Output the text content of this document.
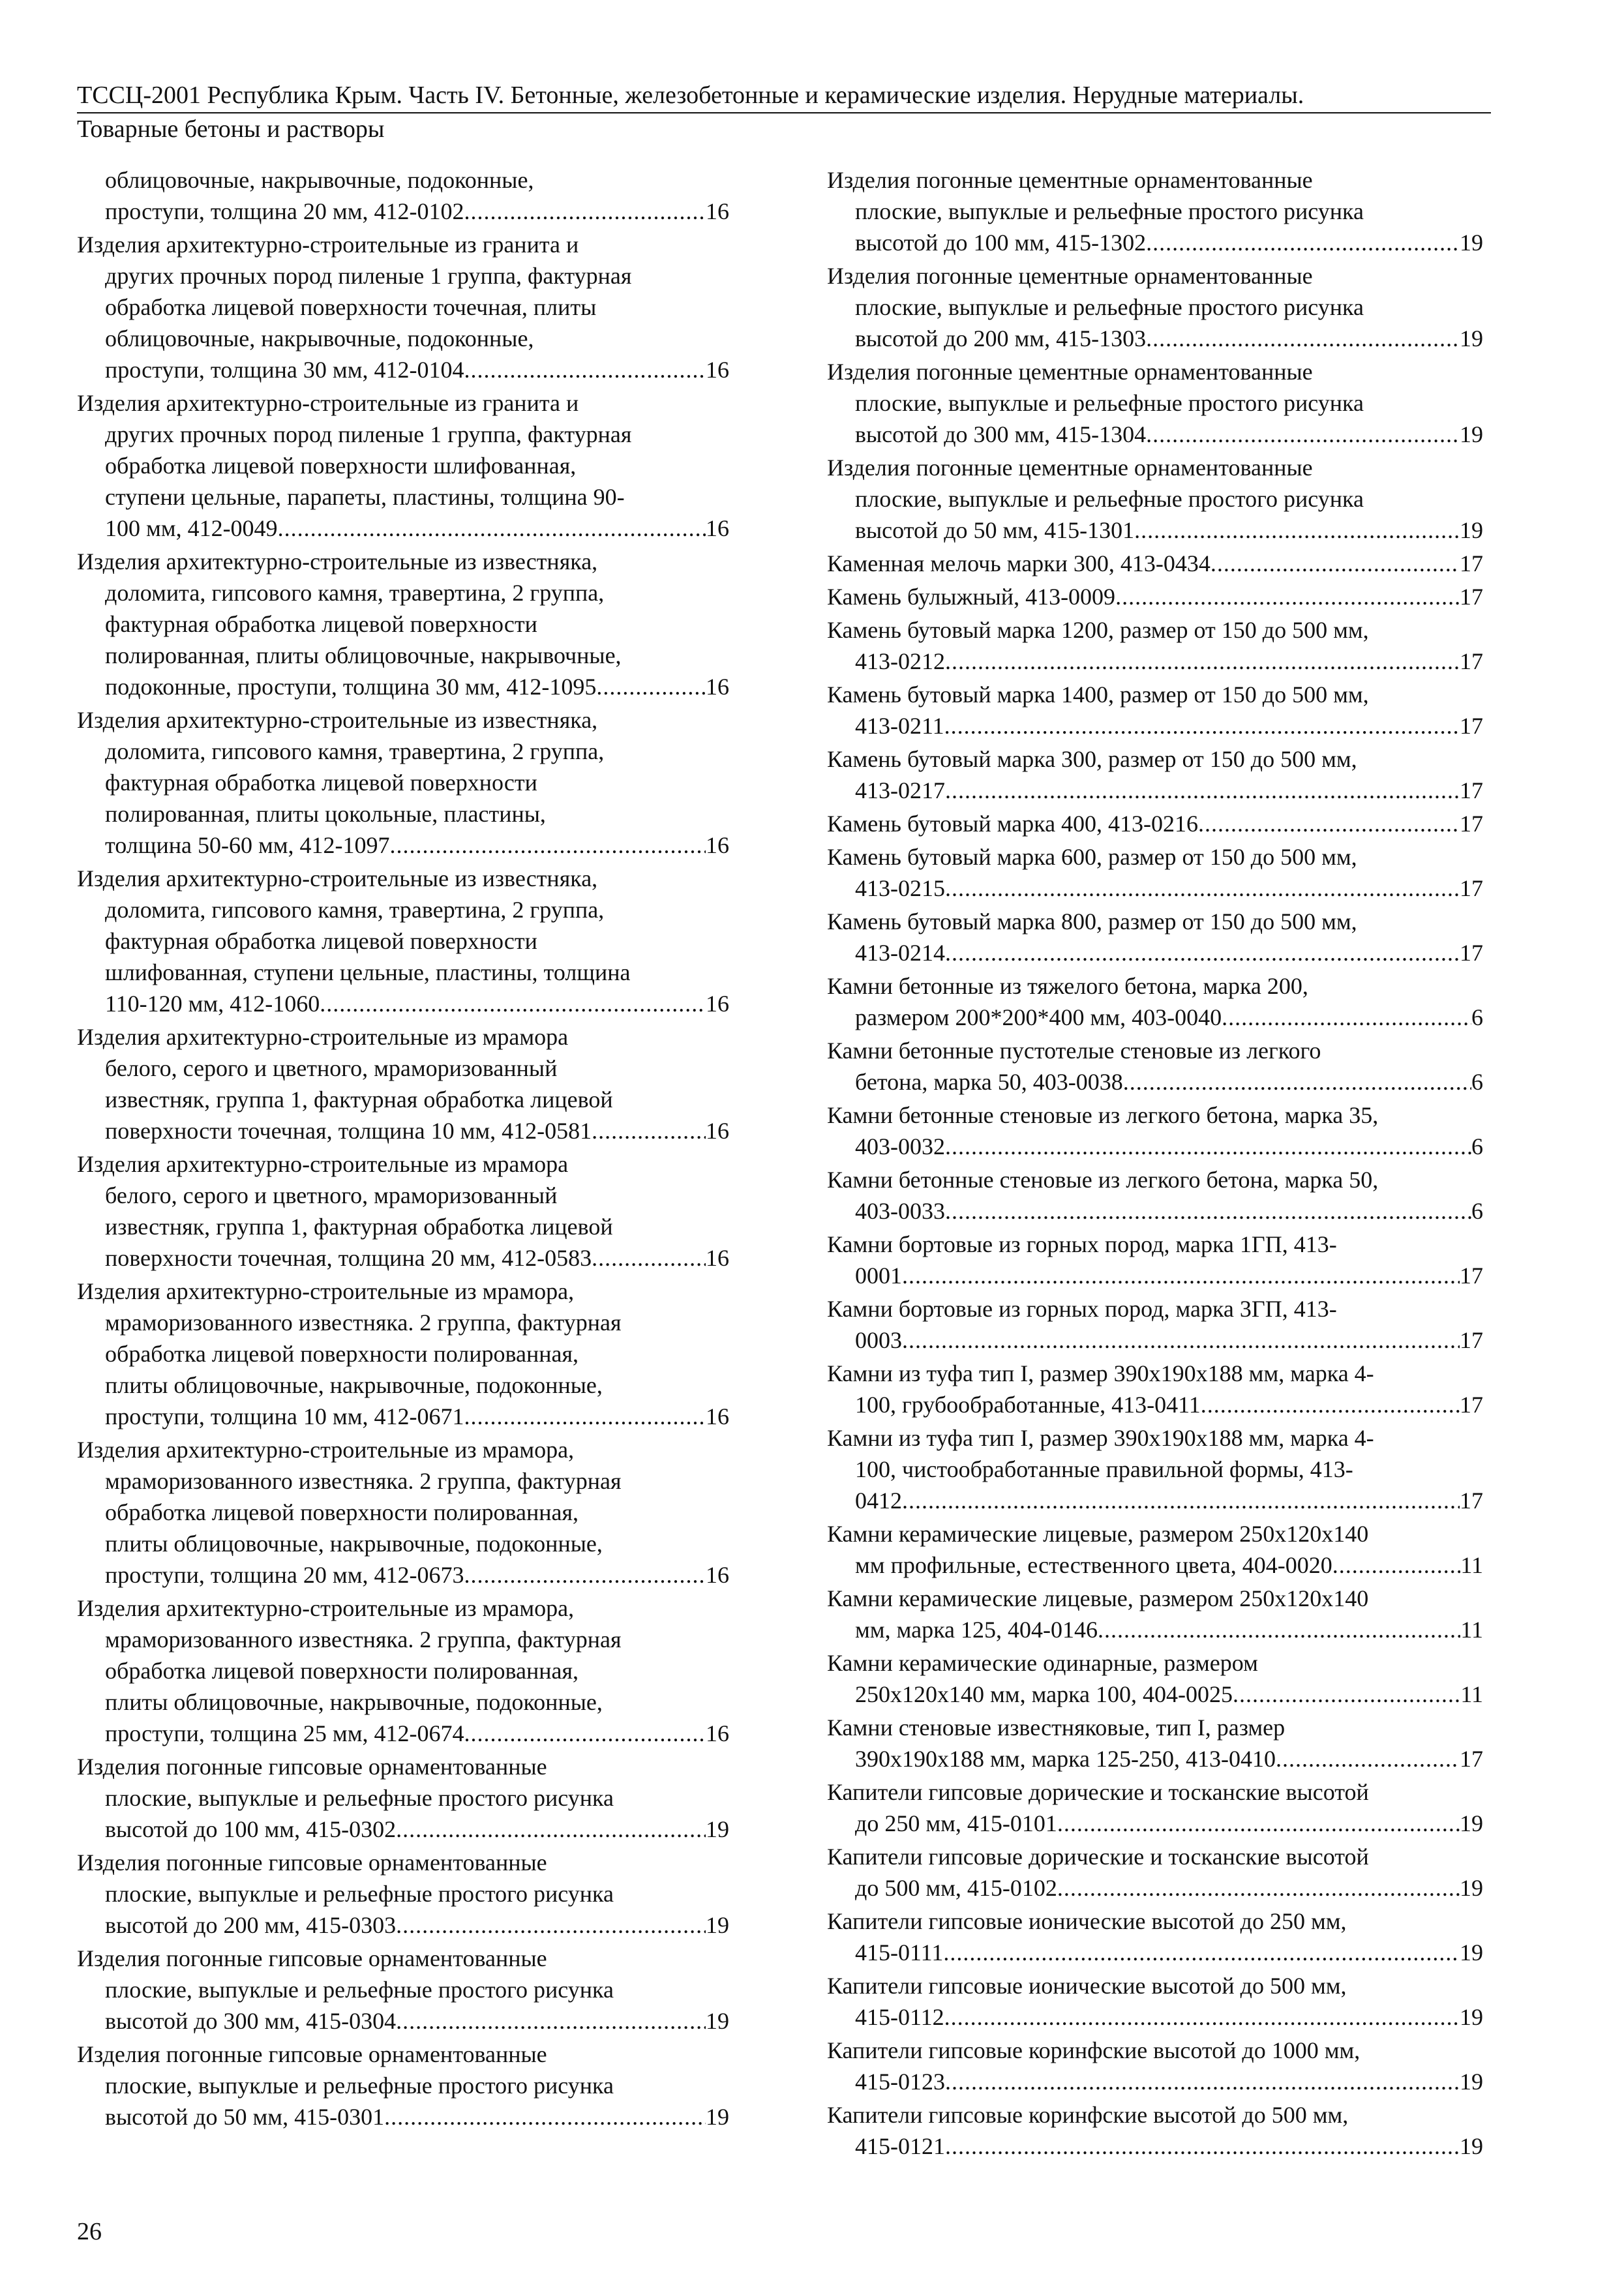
ТССЦ-2001 Республика Крым. Часть IV. Бетонные, железобетонные и керамические изделия. Нерудные материалы.
Товарные бетоны и растворы
облицовочные, накрывочные, подоконные,
проступи, толщина 20 мм, 412-0102 .....	16
Изделия архитектурно-строительные из гранита и
других прочных пород пиленые 1 группа, фактурная
обработка лицевой поверхности точечная, плиты
облицовочные, накрывочные, подоконные,
проступи, толщина 30 мм, 412-0104 .....	16
Изделия архитектурно-строительные из гранита и
других прочных пород пиленые 1 группа, фактурная
обработка лицевой поверхности шлифованная,
ступени цельные, парапеты, пластины, толщина 90-
100 мм, 412-0049 .....	16
Изделия архитектурно-строительные из известняка,
доломита, гипсового камня, травертина, 2 группа,
фактурная обработка лицевой поверхности
полированная, плиты облицовочные, накрывочные,
подоконные, проступи, толщина 30 мм, 412-1095 .....	16
Изделия архитектурно-строительные из известняка,
доломита, гипсового камня, травертина, 2 группа,
фактурная обработка лицевой поверхности
полированная, плиты цокольные, пластины,
толщина 50-60 мм, 412-1097 .....	16
Изделия архитектурно-строительные из известняка,
доломита, гипсового камня, травертина, 2 группа,
фактурная обработка лицевой поверхности
шлифованная, ступени цельные, пластины, толщина
110-120 мм, 412-1060 .....	16
Изделия архитектурно-строительные из мрамора
белого, серого и цветного, мраморизованный
известняк, группа 1, фактурная обработка лицевой
поверхности точечная, толщина 10 мм, 412-0581 .....	16
Изделия архитектурно-строительные из мрамора
белого, серого и цветного, мраморизованный
известняк, группа 1, фактурная обработка лицевой
поверхности точечная, толщина 20 мм, 412-0583 .....	16
Изделия архитектурно-строительные из мрамора,
мраморизованного известняка. 2 группа, фактурная
обработка лицевой поверхности полированная,
плиты облицовочные, накрывочные, подоконные,
проступи, толщина 10 мм, 412-0671 .....	16
Изделия архитектурно-строительные из мрамора,
мраморизованного известняка. 2 группа, фактурная
обработка лицевой поверхности полированная,
плиты облицовочные, накрывочные, подоконные,
проступи, толщина 20 мм, 412-0673 .....	16
Изделия архитектурно-строительные из мрамора,
мраморизованного известняка. 2 группа, фактурная
обработка лицевой поверхности полированная,
плиты облицовочные, накрывочные, подоконные,
проступи, толщина 25 мм, 412-0674 .....	16
Изделия погонные гипсовые орнаментованные
плоские, выпуклые и рельефные простого рисунка
высотой до 100 мм, 415-0302 .....	19
Изделия погонные гипсовые орнаментованные
плоские, выпуклые и рельефные простого рисунка
высотой до 200 мм, 415-0303 .....	19
Изделия погонные гипсовые орнаментованные
плоские, выпуклые и рельефные простого рисунка
высотой до 300 мм, 415-0304 .....	19
Изделия погонные гипсовые орнаментованные
плоские, выпуклые и рельефные простого рисунка
высотой до 50 мм, 415-0301 .....	19
Изделия погонные цементные орнаментованные
плоские, выпуклые и рельефные простого рисунка
высотой до 100 мм, 415-1302 .....	19
Изделия погонные цементные орнаментованные
плоские, выпуклые и рельефные простого рисунка
высотой до 200 мм, 415-1303 .....	19
Изделия погонные цементные орнаментованные
плоские, выпуклые и рельефные простого рисунка
высотой до 300 мм, 415-1304 .....	19
Изделия погонные цементные орнаментованные
плоские, выпуклые и рельефные простого рисунка
высотой до 50 мм, 415-1301 .....	19
Каменная мелочь марки 300, 413-0434 .....	17
Камень булыжный, 413-0009 .....	17
Камень бутовый марка 1200, размер от 150 до 500 мм,
413-0212 .....	17
Камень бутовый марка 1400, размер от 150 до 500 мм,
413-0211 .....	17
Камень бутовый марка 300, размер от 150 до 500 мм,
413-0217 .....	17
Камень бутовый марка 400, 413-0216 .....	17
Камень бутовый марка 600, размер от 150 до 500 мм,
413-0215 .....	17
Камень бутовый марка 800, размер от 150 до 500 мм,
413-0214 .....	17
Камни бетонные из тяжелого бетона, марка 200,
размером 200*200*400 мм, 403-0040 .....	6
Камни бетонные пустотелые стеновые из легкого
бетона, марка 50, 403-0038 .....	6
Камни бетонные стеновые из легкого бетона, марка 35,
403-0032 .....	6
Камни бетонные стеновые из легкого бетона, марка 50,
403-0033 .....	6
Камни бортовые из горных пород, марка 1ГП, 413-
0001 .....	17
Камни бортовые из горных пород, марка 3ГП, 413-
0003 .....	17
Камни из туфа тип I, размер 390х190х188 мм, марка 4-
100, грубообработанные, 413-0411 .....	17
Камни из туфа тип I, размер 390х190х188 мм, марка 4-
100, чистообработанные правильной формы, 413-
0412 .....	17
Камни керамические лицевые, размером 250х120х140
мм профильные, естественного цвета, 404-0020 .....	11
Камни керамические лицевые, размером 250х120х140
мм, марка 125, 404-0146 .....	11
Камни керамические одинарные, размером
250х120х140 мм, марка 100, 404-0025 .....	11
Камни стеновые известняковые, тип I, размер
390х190х188 мм, марка 125-250, 413-0410 .....	17
Капители гипсовые дорические и тосканские высотой
до 250 мм, 415-0101 .....	19
Капители гипсовые дорические и тосканские высотой
до 500 мм, 415-0102 .....	19
Капители гипсовые ионические высотой до 250 мм,
415-0111 .....	19
Капители гипсовые ионические высотой до 500 мм,
415-0112 .....	19
Капители гипсовые коринфские высотой до 1000 мм,
415-0123 .....	19
Капители гипсовые коринфские высотой до 500 мм,
415-0121 .....	19
26
